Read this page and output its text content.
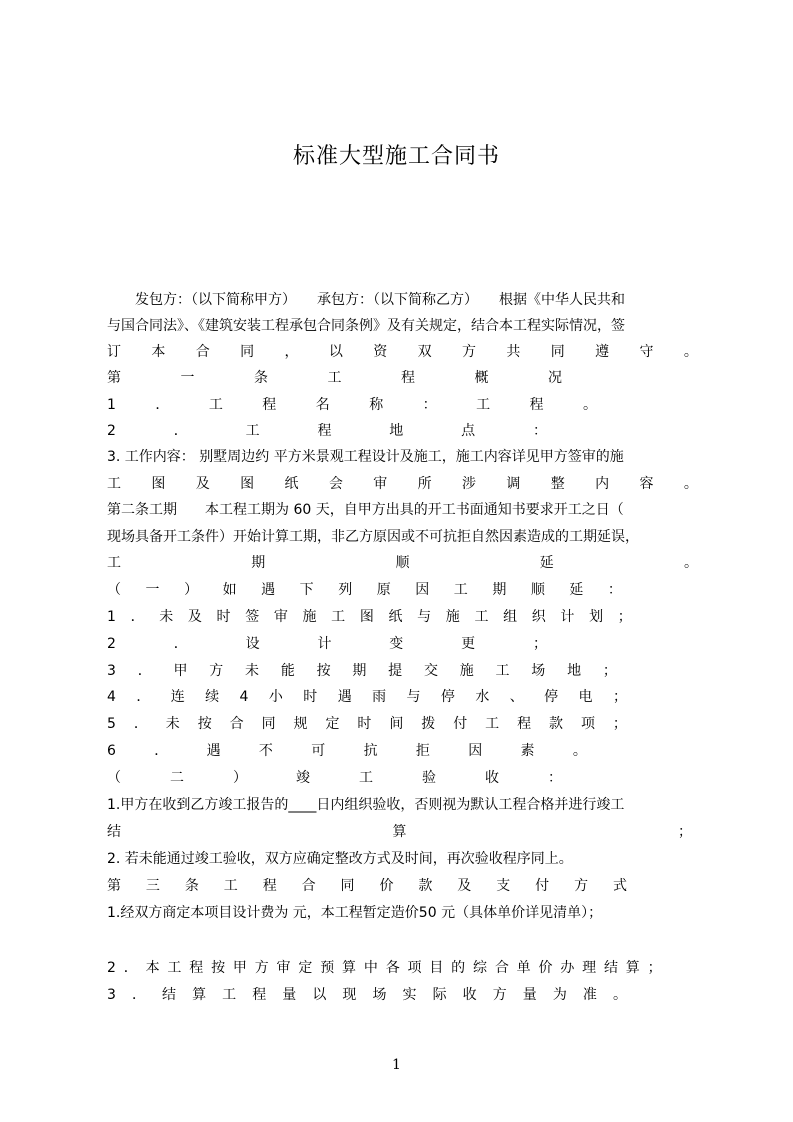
标准大型施工合同书
　　发包方：（以下简称甲方）　　承包方：（以下简称乙方）　　根据《中华人民共和
与国合同法》、《建筑安装工程承包合同条例》及有关规定，结合本工程实际情况，签
订 本 合 同 ， 以 资 双 方 共 同 遵 守 。
第	一	条	工	程	概	况
1	．	工	程	名	称	：	工	程	。
2	．	工	程	地	点	：
3. 工作内容： 别墅周边约 平方米景观工程设计及施工，施工内容详见甲方签审的施
工 图 及 图 纸 会 审 所 涉 调 整 内 容 。
第二条工期　　本工程工期为 60 天，自甲方出具的开工书面通知书要求开工之日（
现场具备开工条件）开始计算工期，非乙方原因或不可抗拒自然因素造成的工期延误，
工	期	顺	延	。
（ 一 ） 如 遇 下 列 原 因 工 期 顺 延 ：
1 ． 未 及 时 签 审 施 工 图 纸 与 施 工 组 织 计 划 ；
2	．	设	计	变	更	；
3 ． 甲 方 未 能 按 期 提 交 施 工 场 地 ；
4 ． 连 续 4 小 时 遇 雨 与 停 水 、 停 电 ；
5 ． 未 按 合 同 规 定 时 间 拨 付 工 程 款 项 ；
6	．	遇	不	可	抗	拒	因	素	。
（	二	）	竣	工	验	收	：
1.甲方在收到乙方竣工报告的____日内组织验收，否则视为默认工程合格并进行竣工
结	算	；
2. 若未能通过竣工验收，双方应确定整改方式及时间，再次验收程序同上。
第 三 条 工 程 合 同 价 款 及 支 付 方 式
1.经双方商定本项目设计费为 元，本工程暂定造价50 元（具体单价详见清单）；
2 ． 本 工 程 按 甲 方 审 定 预 算 中 各 项 目 的 综 合 单 价 办 理 结 算 ；
3 ． 结 算 工 程 量 以 现 场 实 际 收 方 量 为 准 。
1
